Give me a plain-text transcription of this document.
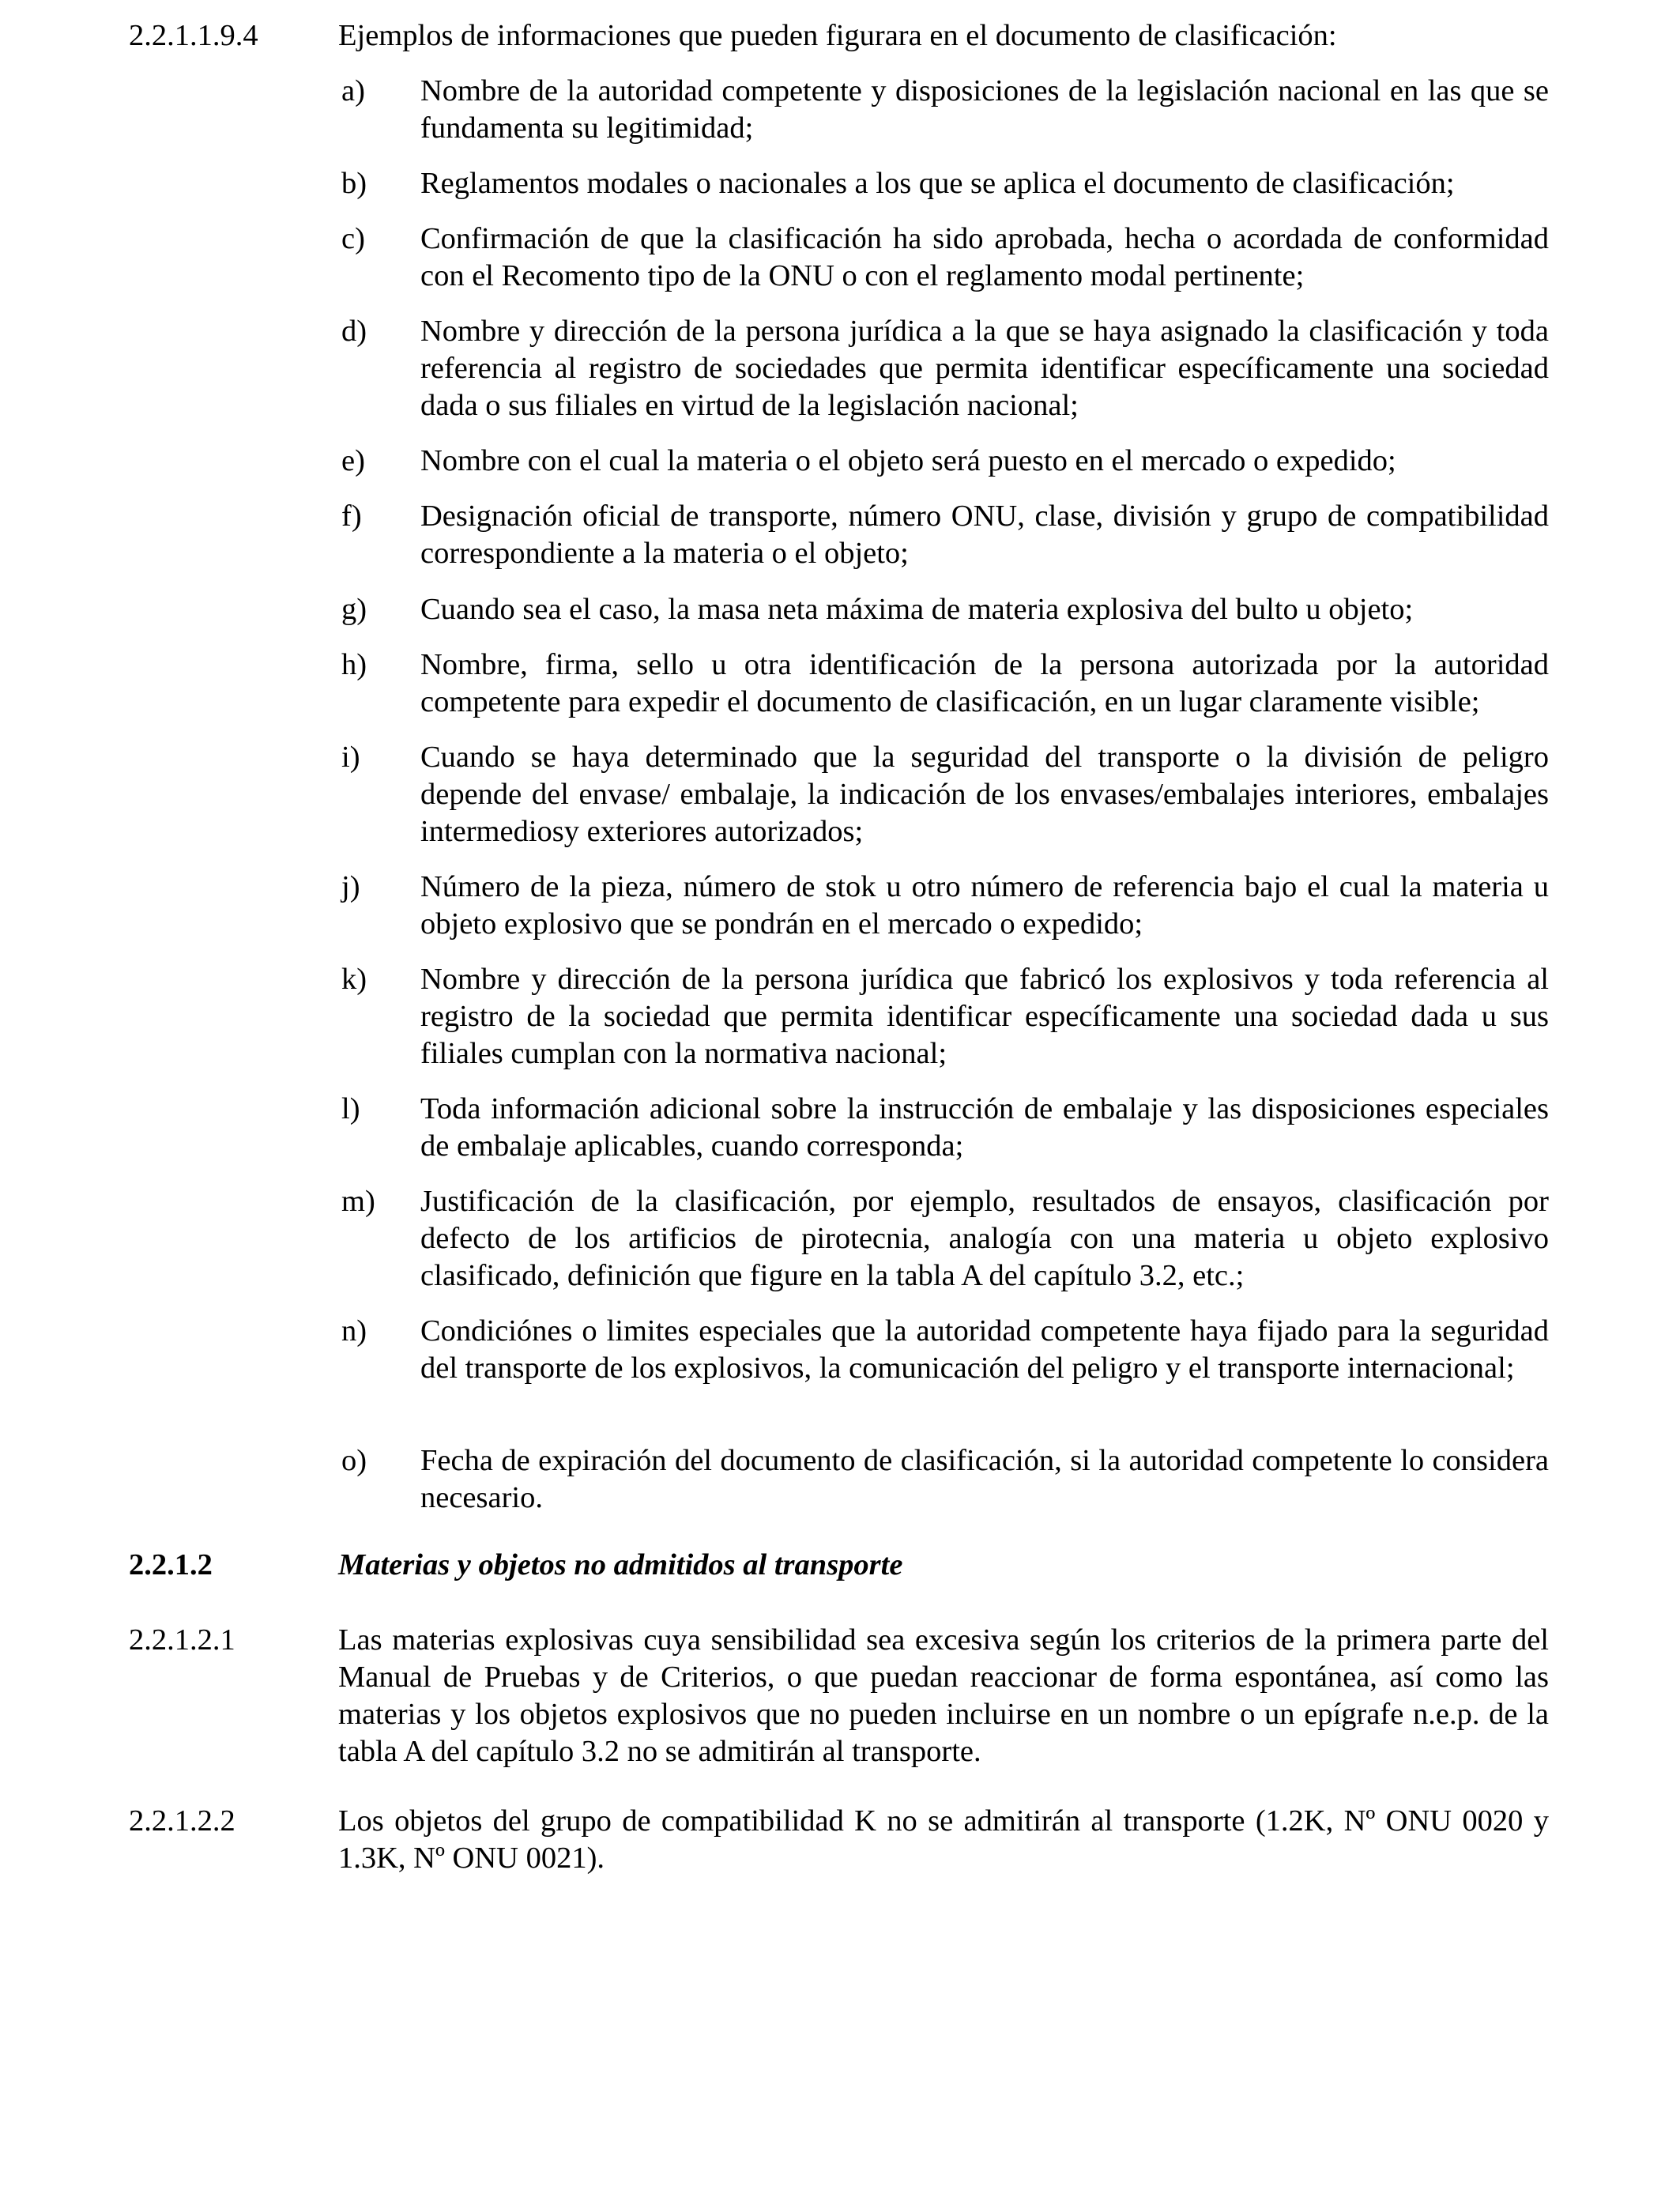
2.2.1.1.9.4	Ejemplos de informaciones que pueden figurara en el documento de clasificación:
a) Nombre de la autoridad competente y disposiciones de la legislación nacional en las que se fundamenta su legitimidad;
b) Reglamentos modales o nacionales a los que se aplica el documento de clasificación;
c) Confirmación de que la clasificación ha sido aprobada, hecha o acordada de conformidad con el Recomento tipo de la ONU o con el reglamento modal pertinente;
d) Nombre y dirección de la persona jurídica a la que se haya asignado la clasificación y toda referencia al registro de sociedades que permita identificar específicamente una sociedad dada o sus filiales en virtud de la legislación nacional;
e) Nombre con el cual la materia o el objeto será puesto en el mercado o expedido;
f) Designación oficial de transporte, número ONU, clase, división y grupo de compatibilidad correspondiente a la materia o el objeto;
g) Cuando sea el caso, la masa neta máxima de materia explosiva del bulto u objeto;
h) Nombre, firma, sello u otra identificación de la persona autorizada por la autoridad competente para expedir el documento de clasificación, en un lugar claramente visible;
i) Cuando se haya determinado que la seguridad del transporte o la división de peligro depende del envase/ embalaje, la indicación de los envases/embalajes interiores, embalajes intermediosy exteriores autorizados;
j) Número de la pieza, número de stok u otro número de referencia bajo el cual la materia u objeto explosivo que se pondrán en el mercado o expedido;
k) Nombre y dirección de la persona jurídica que fabricó los explosivos y toda referencia al registro de la sociedad que permita identificar específicamente una sociedad dada u sus filiales cumplan con la normativa nacional;
l) Toda información adicional sobre la instrucción de embalaje y las disposiciones especiales de embalaje aplicables, cuando corresponda;
m) Justificación de la clasificación, por ejemplo, resultados de ensayos, clasificación por defecto de los artificios de pirotecnia, analogía con una materia u objeto explosivo clasificado, definición que figure en la tabla A del capítulo 3.2, etc.;
n) Condiciónes o limites especiales que la autoridad competente haya fijado para la seguridad del transporte de los explosivos, la comunicación del peligro y el transporte internacional;
o) Fecha de expiración del documento de clasificación, si la autoridad competente lo considera necesario.
2.2.1.2	Materias y objetos no admitidos al transporte
2.2.1.2.1	Las materias explosivas cuya sensibilidad sea excesiva según los criterios de la primera parte del Manual de Pruebas y de Criterios, o que puedan reaccionar de forma espontánea, así como las materias y los objetos explosivos que no pueden incluirse en un nombre o un epígrafe n.e.p. de la tabla A del capítulo 3.2 no se admitirán al transporte.
2.2.1.2.2	Los objetos del grupo de compatibilidad K no se admitirán al transporte (1.2K, Nº ONU 0020 y 1.3K, Nº ONU 0021).
